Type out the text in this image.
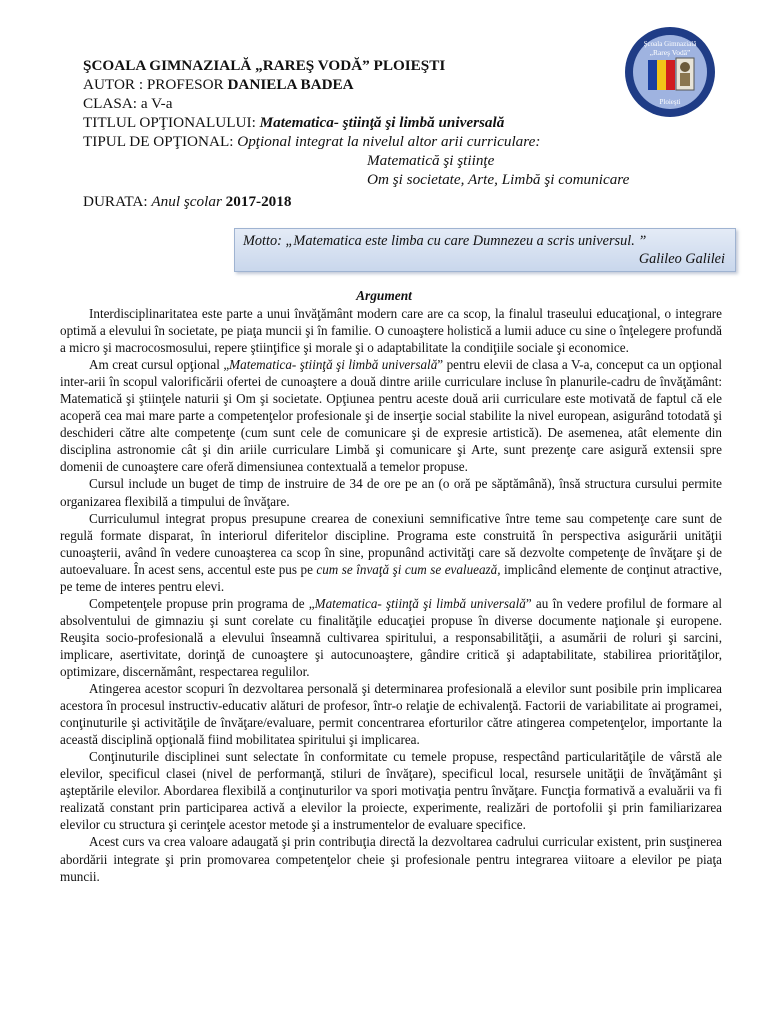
Şcoala Gimnazială
„Rareş Vodă”
Ploieşti
ŞCOALA GIMNAZIALĂ „RAREŞ VODĂ” PLOIEŞTI
AUTOR : PROFESOR DANIELA BADEA
CLASA: a V-a
TITLUL OPŢIONALULUI: Matematica- ştiinţă şi limbă universală
TIPUL DE OPŢIONAL: Opţional integrat la nivelul altor arii curriculare:
Matematică şi ştiinţe
Om şi societate, Arte, Limbă şi comunicare
DURATA: Anul şcolar 2017-2018
Motto: „Matematica este limba cu care Dumnezeu a scris universul. ”
Galileo Galilei
Argument

Interdisciplinaritatea este parte a unui învăţământ modern care are ca scop, la finalul traseului educaţional, o integrare optimă a elevului în societate, pe piaţa muncii şi în familie. O cunoaştere holistică a lumii aduce cu sine o înţelegere profundă a micro şi macrocosmosului, repere ştiinţifice şi morale şi o adaptabilitate la condiţiile sociale şi economice.

Am creat cursul opţional „Matematica- ştiinţă şi limbă universală” pentru elevii de clasa a V-a, conceput ca un opţional inter-arii în scopul valorificării ofertei de cunoaştere a două dintre ariile curriculare incluse în planurile-cadru de învăţământ: Matematică şi ştiinţele naturii şi Om şi societate. Opţiunea pentru aceste două arii curriculare este motivată de faptul că ele acoperă cea mai mare parte a competenţelor profesionale şi de inserţie social stabilite la nivel european, asigurând totodată şi deschideri către alte competenţe (cum sunt cele de comunicare şi de expresie artistică). De asemenea, atât elemente din disciplina astronomie cât şi din ariile curriculare Limbă şi comunicare şi Arte, sunt prezenţe care asigură extensii spre domenii de cunoaştere care oferă dimensiunea contextuală a temelor propuse.

Cursul include un buget de timp de instruire de 34 de ore pe an (o oră pe săptămână), însă structura cursului permite organizarea flexibilă a timpului de învăţare.

Curriculumul integrat propus presupune crearea de conexiuni semnificative între teme sau competenţe care sunt de regulă formate disparat, în interiorul diferitelor discipline. Programa este construită în perspectiva asigurării unităţii cunoaşterii, având în vedere cunoaşterea ca scop în sine, propunând activităţi care să dezvolte competenţe de învăţare şi de autoevaluare. În acest sens, accentul este pus pe cum se învaţă şi cum se evaluează, implicând elemente de conţinut atractive, pe teme de interes pentru elevi.

Competenţele propuse prin programa de „Matematica- ştiinţă şi limbă universală” au în vedere profilul de formare al absolventului de gimnaziu şi sunt corelate cu finalităţile educaţiei propuse în diverse documente naţionale şi europene. Reuşita socio-profesională a elevului înseamnă cultivarea spiritului, a responsabilităţii, a asumării de roluri şi sarcini, implicare, asertivitate, dorinţă de cunoaştere şi autocunoaştere, gândire critică şi adaptabilitate, stabilirea priorităţilor, optimizare, discernământ, respectarea regulilor.

Atingerea acestor scopuri în dezvoltarea personală şi determinarea profesională a elevilor sunt posibile prin implicarea acestora în procesul instructiv-educativ alături de profesor, într-o relaţie de echivalenţă. Factorii de variabilitate ai programei, conţinuturile şi activităţile de învăţare/evaluare, permit concentrarea eforturilor către atingerea competenţelor, importante la această disciplină opţională fiind mobilitatea spiritului şi implicarea.

Conţinuturile disciplinei sunt selectate în conformitate cu temele propuse, respectând particularităţile de vârstă ale elevilor, specificul clasei (nivel de performanţă, stiluri de învăţare), specificul local, resursele unităţii de învăţământ şi aşteptările elevilor. Abordarea flexibilă a conţinuturilor va spori motivaţia pentru învăţare. Funcţia formativă a evaluării va fi realizată constant prin participarea activă a elevilor la proiecte, experimente, realizări de portofolii şi prin familiarizarea elevilor cu structura şi cerinţele acestor metode şi a instrumentelor de evaluare specifice.

Acest curs va crea valoare adaugată şi prin contribuţia directă la dezvoltarea cadrului curricular existent, prin susţinerea abordării integrate şi prin promovarea competenţelor cheie şi profesionale pentru integrarea viitoare a elevilor pe piaţa muncii.
